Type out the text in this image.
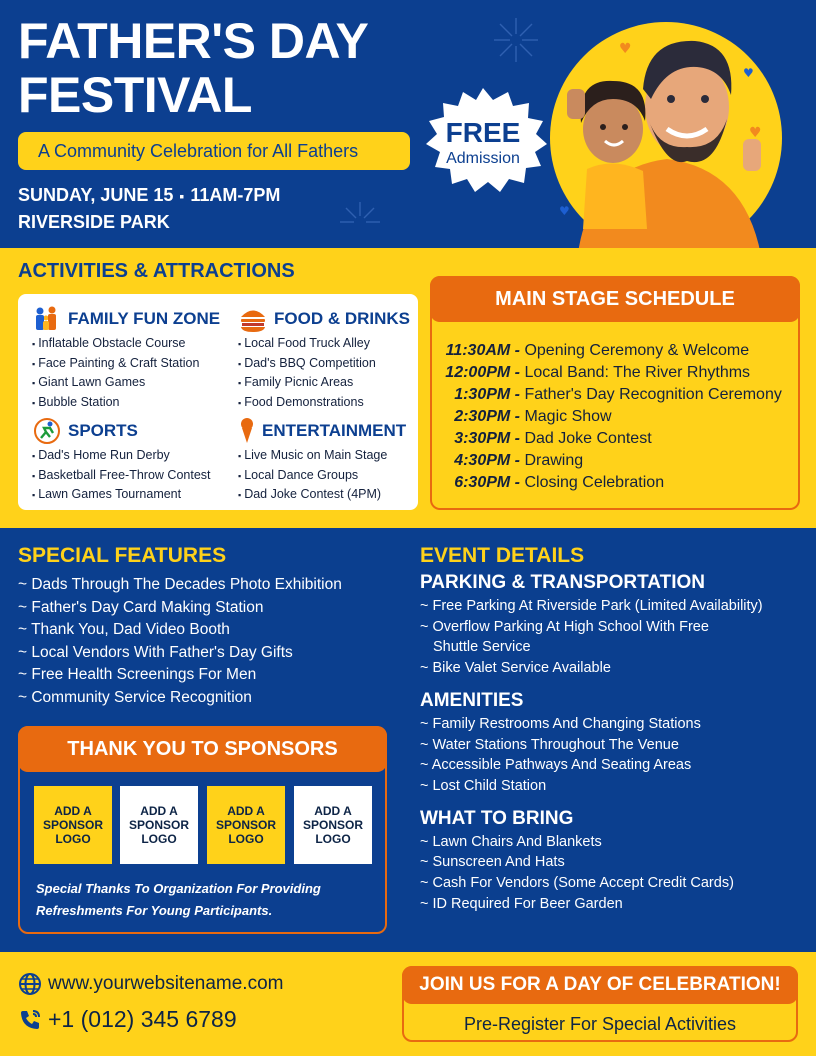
FATHER'S DAY
FESTIVAL
A Community Celebration for All Fathers
SUNDAY, JUNE 15 ▪ 11AM-7PM
RIVERSIDE PARK
FREE
Admission
♥
♥
♥
♥
ACTIVITIES & ATTRACTIONS
FAMILY FUN ZONE
▪ Inflatable Obstacle Course
▪ Face Painting & Craft Station
▪ Giant Lawn Games
▪ Bubble Station
FOOD & DRINKS
▪ Local Food Truck Alley
▪ Dad's BBQ Competition
▪ Family Picnic Areas
▪ Food Demonstrations
SPORTS
▪ Dad's Home Run Derby
▪ Basketball Free-Throw Contest
▪ Lawn Games Tournament
ENTERTAINMENT
▪ Live Music on Main Stage
▪ Local Dance Groups
▪ Dad Joke Contest (4PM)
MAIN STAGE SCHEDULE
11:30AM - Opening Ceremony & Welcome
12:00PM - Local Band: The River Rhythms
1:30PM - Father's Day Recognition Ceremony
2:30PM - Magic Show
3:30PM - Dad Joke Contest
4:30PM - Drawing
6:30PM - Closing Celebration
SPECIAL FEATURES
~ Dads Through The Decades Photo Exhibition
~ Father's Day Card Making Station
~ Thank You, Dad Video Booth
~ Local Vendors With Father's Day Gifts
~ Free Health Screenings For Men
~ Community Service Recognition
THANK YOU TO SPONSORS
ADD A SPONSOR LOGO
ADD A SPONSOR LOGO
ADD A SPONSOR LOGO
ADD A SPONSOR LOGO
Special Thanks To Organization For Providing Refreshments For Young Participants.
EVENT DETAILS
PARKING & TRANSPORTATION
~ Free Parking At Riverside Park (Limited Availability)
~ Overflow Parking At High School With Free
Shuttle Service
~ Bike Valet Service Available
AMENITIES
~ Family Restrooms And Changing Stations
~ Water Stations Throughout The Venue
~ Accessible Pathways And Seating Areas
~ Lost Child Station
WHAT TO BRING
~ Lawn Chairs And Blankets
~ Sunscreen And Hats
~ Cash For Vendors (Some Accept Credit Cards)
~ ID Required For Beer Garden
www.yourwebsitename.com
+1 (012) 345 6789
JOIN US FOR A DAY OF CELEBRATION!
Pre-Register For Special Activities
